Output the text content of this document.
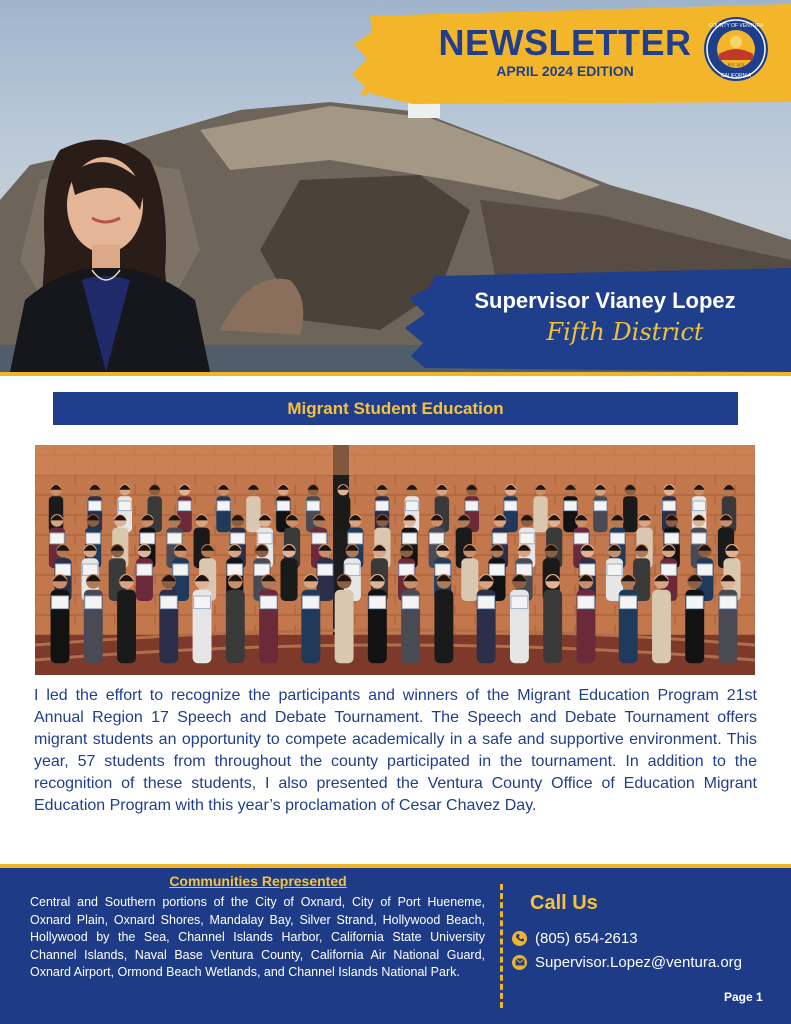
NEWSLETTER
APRIL 2024 EDITION
COUNTY OF VENTURA
CALIFORNIA
EST. 1873
Supervisor Vianey Lopez
Fifth District
Migrant Student Education
I led the effort to recognize the participants and winners of the Migrant Education Program 21st Annual Region 17 Speech and Debate Tournament. The Speech and Debate Tournament offers migrant students an opportunity to compete academically in a safe and supportive environment. This year, 57 students from throughout the county participated in the tournament. In addition to the recognition of these students, I also presented the Ventura County Office of Education Migrant Education Program with this year’s proclamation of Cesar Chavez Day.
Communities Represented
Central and Southern portions of the City of Oxnard, City of Port Hueneme, Oxnard Plain, Oxnard Shores, Mandalay Bay, Silver Strand, Hollywood Beach, Hollywood by the Sea, Channel Islands Harbor, California State University Channel Islands, Naval Base Ventura County, California Air National Guard, Oxnard Airport, Ormond Beach Wetlands, and Channel Islands National Park.
Call Us
(805) 654-2613
Supervisor.Lopez@ventura.org
Page 1
